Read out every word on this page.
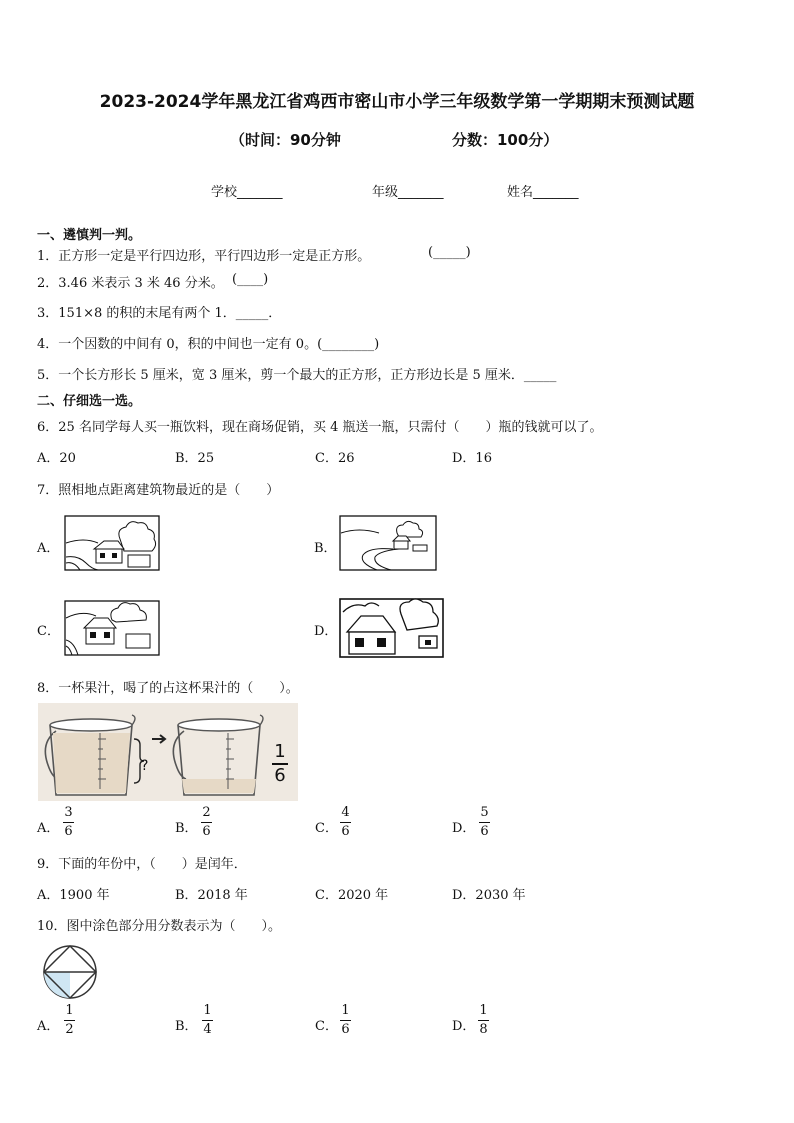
2023-2024学年黑龙江省鸡西市密山市小学三年级数学第一学期期末预测试题
（时间：90分钟	分数：100分）
学校_______	年级_______	姓名_______
一、遴慎判一判。
1．正方形一定是平行四边形，平行四边形一定是正方形。	(_____)
2．3.46 米表示 3 米 46 分米。 (____)
3．151×8 的积的末尾有两个 1．_____．
4．一个因数的中间有 0，积的中间也一定有 0。(________)
5．一个长方形长 5 厘米，宽 3 厘米，剪一个最大的正方形，正方形边长是 5 厘米．_____
二、仔细选一选。
6．25 名同学每人买一瓶饮料，现在商场促销，买 4 瓶送一瓶，只需付（　　）瓶的钱就可以了。
A．20	B．25	C．26	D．16
7．照相地点距离建筑物最近的是（　　）
A．	B．
C．	D．
8．一杯果汁，喝了的占这杯果汁的（　　）。
?
1
6
A．
3
6	B．
2
6	C．
4
6	D．
5
6
9．下面的年份中，（　　）是闰年．
A．1900 年	B．2018 年	C．2020 年	D．2030 年
10．图中涂色部分用分数表示为（　　）。
A．
1
2	B．
1
4	C．
1
6	D．
1
8
